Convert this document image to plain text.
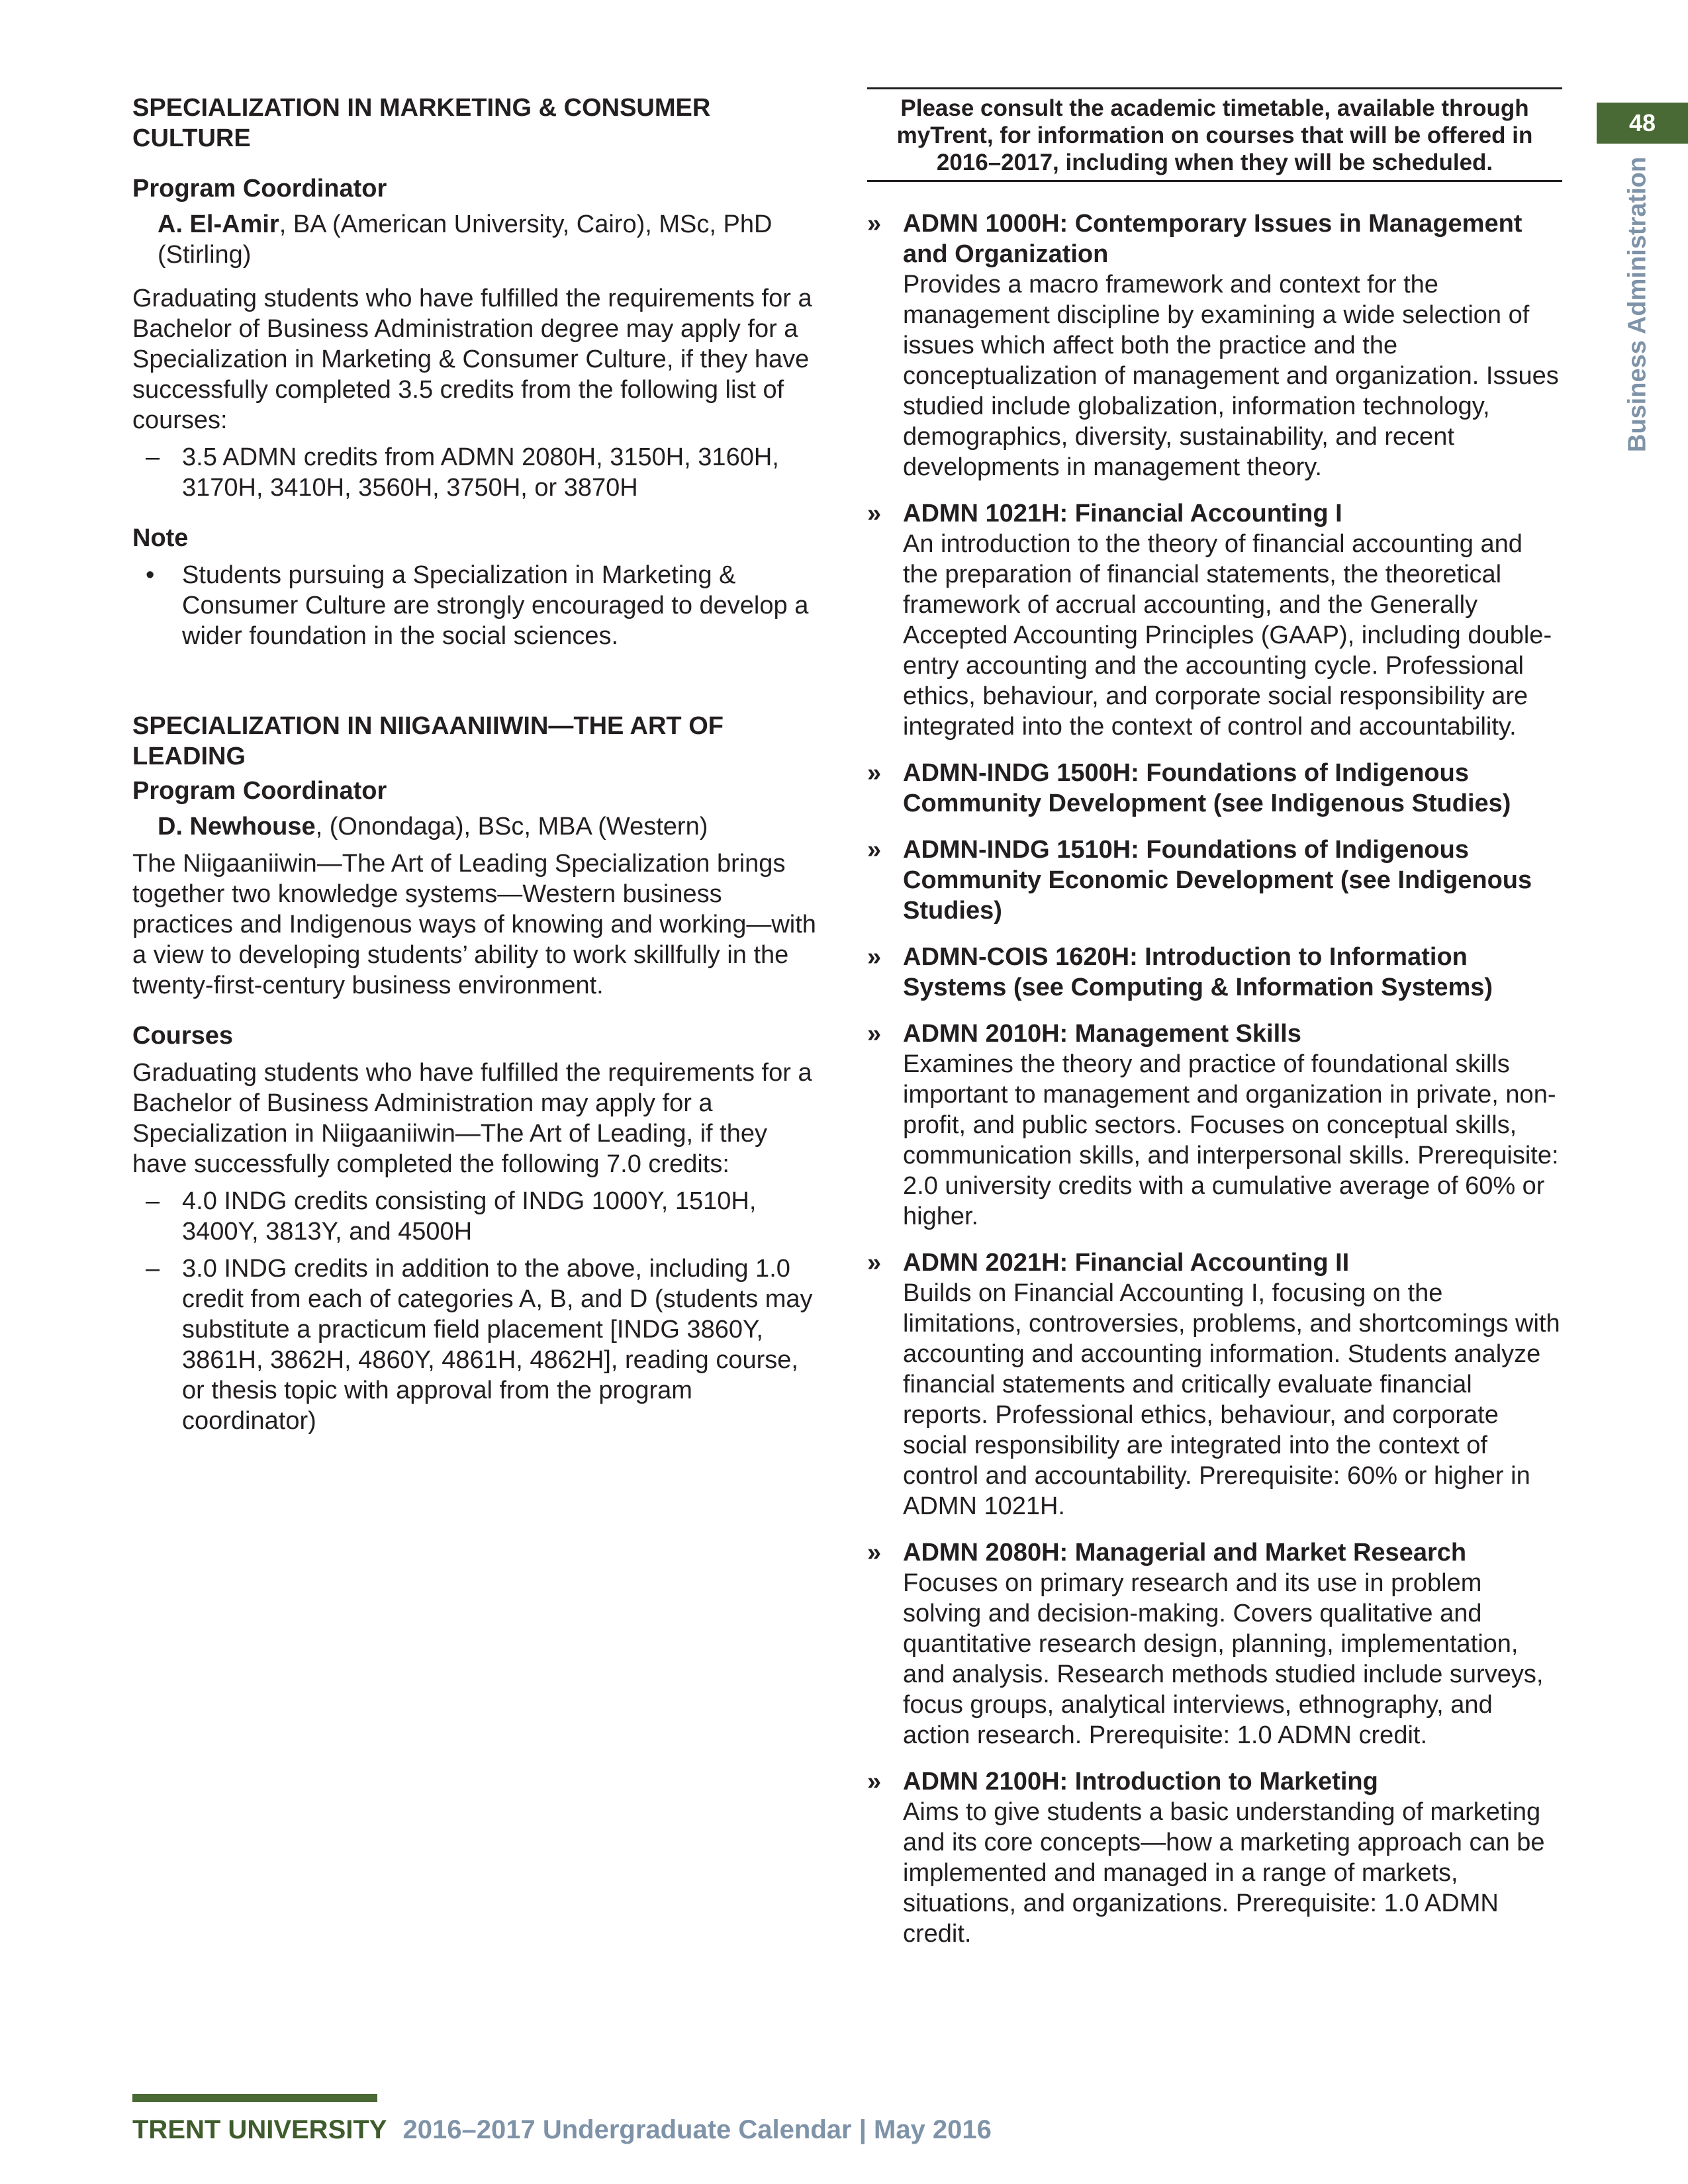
SPECIALIZATION IN MARKETING & CONSUMER CULTURE
Program Coordinator

A. El-Amir, BA (American University, Cairo), MSc, PhD (Stirling)

Graduating students who have fulfilled the requirements for a Bachelor of Business Administration degree may apply for a Specialization in Marketing & Consumer Culture, if they have successfully completed 3.5 credits from the following list of courses:

– 3.5 ADMN credits from ADMN 2080H, 3150H, 3160H, 3170H, 3410H, 3560H, 3750H, or 3870H
Note
• Students pursuing a Specialization in Marketing & Consumer Culture are strongly encouraged to develop a wider foundation in the social sciences.
SPECIALIZATION IN NIIGAANIIWIN—THE ART OF LEADING
Program Coordinator

D. Newhouse, (Onondaga), BSc, MBA (Western)

The Niigaaniiwin—The Art of Leading Specialization brings together two knowledge systems—Western business practices and Indigenous ways of knowing and working—with a view to developing students’ ability to work skillfully in the twenty-first-century business environment.

Courses

Graduating students who have fulfilled the requirements for a Bachelor of Business Administration may apply for a Specialization in Niigaaniiwin—The Art of Leading, if they have successfully completed the following 7.0 credits:

– 4.0 INDG credits consisting of INDG 1000Y, 1510H, 3400Y, 3813Y, and 4500H
– 3.0 INDG credits in addition to the above, including 1.0 credit from each of categories A, B, and D (students may substitute a practicum field placement [INDG 3860Y, 3861H, 3862H, 4860Y, 4861H, 4862H], reading course, or thesis topic with approval from the program coordinator)
Please consult the academic timetable, available through myTrent, for information on courses that will be offered in 2016–2017, including when they will be scheduled.
» ADMN 1000H: Contemporary Issues in Management and Organization
Provides a macro framework and context for the management discipline by examining a wide selection of issues which affect both the practice and the conceptualization of management and organization. Issues studied include globalization, information technology, demographics, diversity, sustainability, and recent developments in management theory.
» ADMN 1021H: Financial Accounting I
An introduction to the theory of financial accounting and the preparation of financial statements, the theoretical framework of accrual accounting, and the Generally Accepted Accounting Principles (GAAP), including double-entry accounting and the accounting cycle. Professional ethics, behaviour, and corporate social responsibility are integrated into the context of control and accountability.
» ADMN-INDG 1500H: Foundations of Indigenous Community Development (see Indigenous Studies)
» ADMN-INDG 1510H: Foundations of Indigenous Community Economic Development (see Indigenous Studies)
» ADMN-COIS 1620H: Introduction to Information Systems (see Computing & Information Systems)
» ADMN 2010H: Management Skills
Examines the theory and practice of foundational skills important to management and organization in private, non-profit, and public sectors. Focuses on conceptual skills, communication skills, and interpersonal skills. Prerequisite: 2.0 university credits with a cumulative average of 60% or higher.
» ADMN 2021H: Financial Accounting II
Builds on Financial Accounting I, focusing on the limitations, controversies, problems, and shortcomings with accounting and accounting information. Students analyze financial statements and critically evaluate financial reports. Professional ethics, behaviour, and corporate social responsibility are integrated into the context of control and accountability. Prerequisite: 60% or higher in ADMN 1021H.
» ADMN 2080H: Managerial and Market Research
Focuses on primary research and its use in problem solving and decision-making. Covers qualitative and quantitative research design, planning, implementation, and analysis. Research methods studied include surveys, focus groups, analytical interviews, ethnography, and action research. Prerequisite: 1.0 ADMN credit.
» ADMN 2100H: Introduction to Marketing
Aims to give students a basic understanding of marketing and its core concepts—how a marketing approach can be implemented and managed in a range of markets, situations, and organizations. Prerequisite: 1.0 ADMN credit.
48
Business Administration
TRENT UNIVERSITY 2016–2017 Undergraduate Calendar | May 2016
